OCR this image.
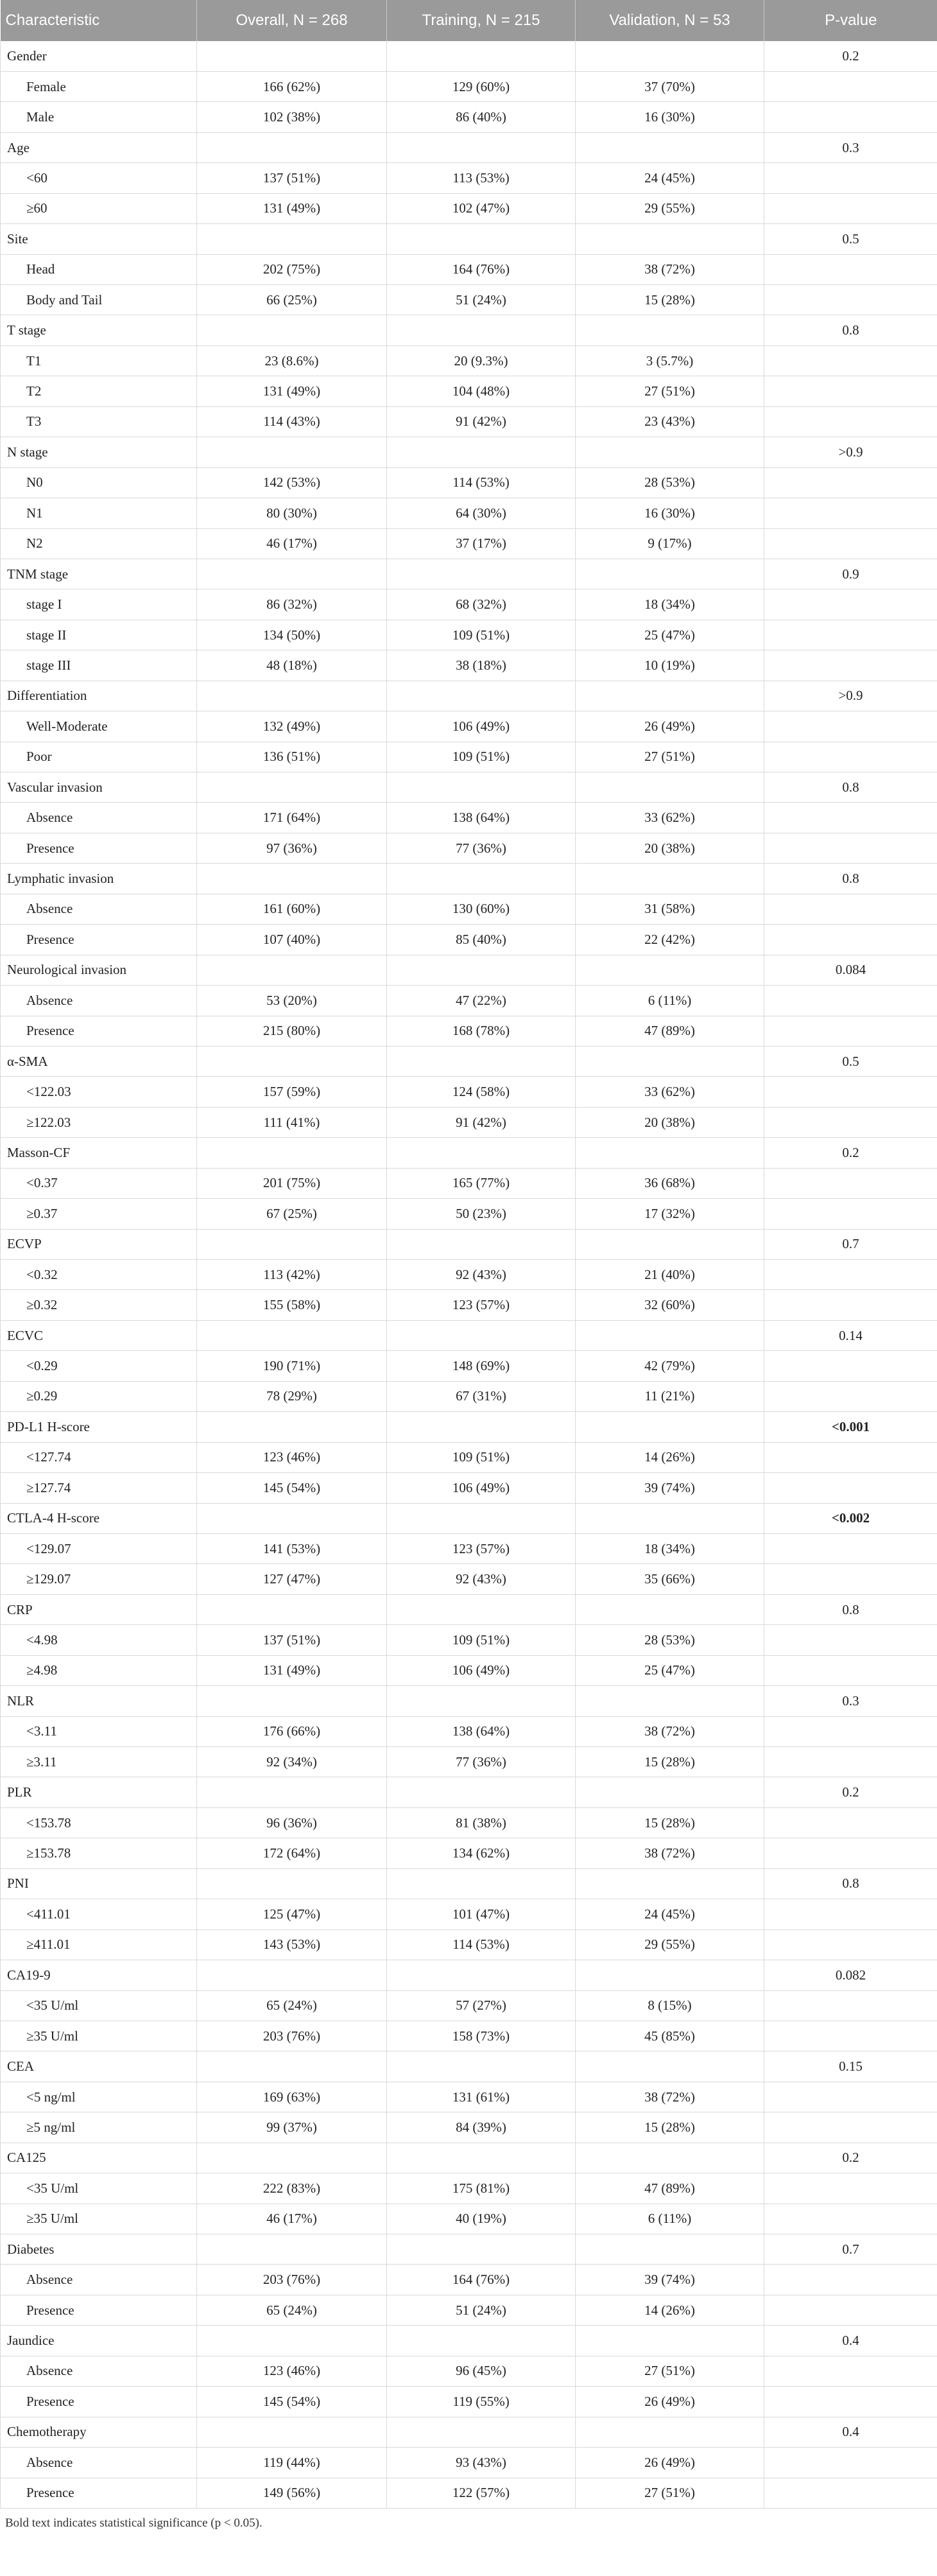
Characteristic	Overall, N = 268	Training, N = 215	Validation, N = 53	P-value
Gender				0.2
Female	166 (62%)	129 (60%)	37 (70%)	
Male	102 (38%)	86 (40%)	16 (30%)	
Age				0.3
<60	137 (51%)	113 (53%)	24 (45%)	
≥60	131 (49%)	102 (47%)	29 (55%)	
Site				0.5
Head	202 (75%)	164 (76%)	38 (72%)	
Body and Tail	66 (25%)	51 (24%)	15 (28%)	
T stage				0.8
T1	23 (8.6%)	20 (9.3%)	3 (5.7%)	
T2	131 (49%)	104 (48%)	27 (51%)	
T3	114 (43%)	91 (42%)	23 (43%)	
N stage				>0.9
N0	142 (53%)	114 (53%)	28 (53%)	
N1	80 (30%)	64 (30%)	16 (30%)	
N2	46 (17%)	37 (17%)	9 (17%)	
TNM stage				0.9
stage I	86 (32%)	68 (32%)	18 (34%)	
stage II	134 (50%)	109 (51%)	25 (47%)	
stage III	48 (18%)	38 (18%)	10 (19%)	
Differentiation				>0.9
Well-Moderate	132 (49%)	106 (49%)	26 (49%)	
Poor	136 (51%)	109 (51%)	27 (51%)	
Vascular invasion				0.8
Absence	171 (64%)	138 (64%)	33 (62%)	
Presence	97 (36%)	77 (36%)	20 (38%)	
Lymphatic invasion				0.8
Absence	161 (60%)	130 (60%)	31 (58%)	
Presence	107 (40%)	85 (40%)	22 (42%)	
Neurological invasion				0.084
Absence	53 (20%)	47 (22%)	6 (11%)	
Presence	215 (80%)	168 (78%)	47 (89%)	
α-SMA				0.5
<122.03	157 (59%)	124 (58%)	33 (62%)	
≥122.03	111 (41%)	91 (42%)	20 (38%)	
Masson-CF				0.2
<0.37	201 (75%)	165 (77%)	36 (68%)	
≥0.37	67 (25%)	50 (23%)	17 (32%)	
ECVP				0.7
<0.32	113 (42%)	92 (43%)	21 (40%)	
≥0.32	155 (58%)	123 (57%)	32 (60%)	
ECVC				0.14
<0.29	190 (71%)	148 (69%)	42 (79%)	
≥0.29	78 (29%)	67 (31%)	11 (21%)	
PD-L1 H-score				<0.001
<127.74	123 (46%)	109 (51%)	14 (26%)	
≥127.74	145 (54%)	106 (49%)	39 (74%)	
CTLA-4 H-score				<0.002
<129.07	141 (53%)	123 (57%)	18 (34%)	
≥129.07	127 (47%)	92 (43%)	35 (66%)	
CRP				0.8
<4.98	137 (51%)	109 (51%)	28 (53%)	
≥4.98	131 (49%)	106 (49%)	25 (47%)	
NLR				0.3
<3.11	176 (66%)	138 (64%)	38 (72%)	
≥3.11	92 (34%)	77 (36%)	15 (28%)	
PLR				0.2
<153.78	96 (36%)	81 (38%)	15 (28%)	
≥153.78	172 (64%)	134 (62%)	38 (72%)	
PNI				0.8
<411.01	125 (47%)	101 (47%)	24 (45%)	
≥411.01	143 (53%)	114 (53%)	29 (55%)	
CA19-9				0.082
<35 U/ml	65 (24%)	57 (27%)	8 (15%)	
≥35 U/ml	203 (76%)	158 (73%)	45 (85%)	
CEA				0.15
<5 ng/ml	169 (63%)	131 (61%)	38 (72%)	
≥5 ng/ml	99 (37%)	84 (39%)	15 (28%)	
CA125				0.2
<35 U/ml	222 (83%)	175 (81%)	47 (89%)	
≥35 U/ml	46 (17%)	40 (19%)	6 (11%)	
Diabetes				0.7
Absence	203 (76%)	164 (76%)	39 (74%)	
Presence	65 (24%)	51 (24%)	14 (26%)	
Jaundice				0.4
Absence	123 (46%)	96 (45%)	27 (51%)	
Presence	145 (54%)	119 (55%)	26 (49%)	
Chemotherapy				0.4
Absence	119 (44%)	93 (43%)	26 (49%)	
Presence	149 (56%)	122 (57%)	27 (51%)	
Bold text indicates statistical significance (p < 0.05).
